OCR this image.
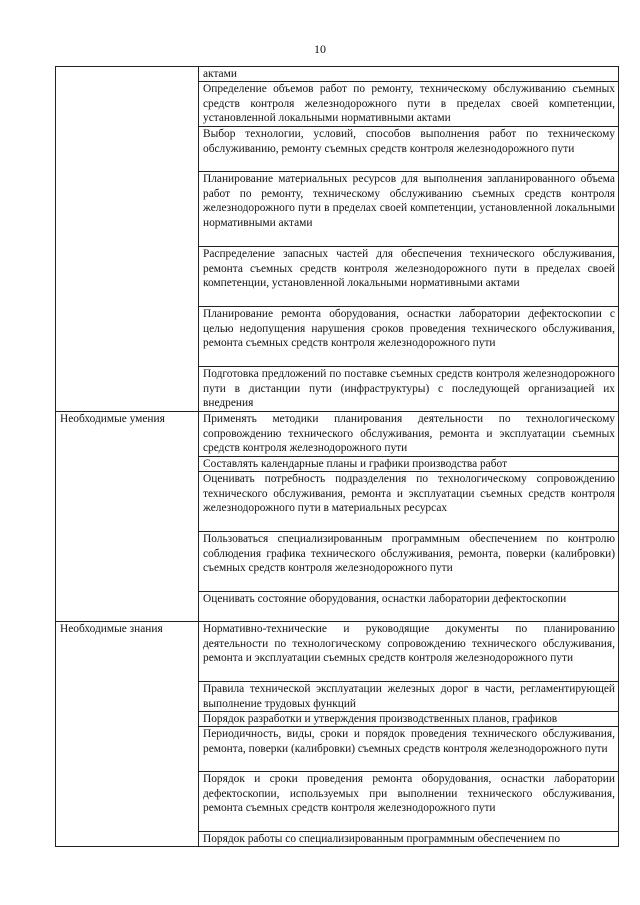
10

	актами

	Определение объемов работ по ремонту, техническому обслуживанию съемных средств контроля железнодорожного пути в пределах своей компетенции, установленной локальными нормативными актами

	Выбор технологии, условий, способов выполнения работ по техническому обслуживанию, ремонту съемных средств контроля железнодорожного пути

	Планирование материальных ресурсов для выполнения запланированного объема работ по ремонту, техническому обслуживанию съемных средств контроля железнодорожного пути в пределах своей компетенции, установленной локальными нормативными актами

	Распределение запасных частей для обеспечения технического обслуживания, ремонта съемных средств контроля железнодорожного пути в пределах своей компетенции, установленной локальными нормативными актами

	Планирование ремонта оборудования, оснастки лаборатории дефектоскопии с целью недопущения нарушения сроков проведения технического обслуживания, ремонта съемных средств контроля железнодорожного пути

	Подготовка предложений по поставке съемных средств контроля железнодорожного пути в дистанции пути (инфраструктуры) с последующей организацией их внедрения

Необходимые умения	Применять методики планирования деятельности по технологическому сопровождению технического обслуживания, ремонта и эксплуатации съемных средств контроля железнодорожного пути

	Составлять календарные планы и графики производства работ

	Оценивать потребность подразделения по технологическому сопровождению технического обслуживания, ремонта и эксплуатации съемных средств контроля железнодорожного пути в материальных ресурсах

	Пользоваться специализированным программным обеспечением по контролю соблюдения графика технического обслуживания, ремонта, поверки (калибровки) съемных средств контроля железнодорожного пути

	Оценивать состояние оборудования, оснастки лаборатории дефектоскопии

Необходимые знания	Нормативно-технические и руководящие документы по планированию деятельности по технологическому сопровождению технического обслуживания, ремонта и эксплуатации съемных средств контроля железнодорожного пути

	Правила технической эксплуатации железных дорог в части, регламентирующей выполнение трудовых функций

	Порядок разработки и утверждения производственных планов, графиков

	Периодичность, виды, сроки и порядок проведения технического обслуживания, ремонта, поверки (калибровки) съемных средств контроля железнодорожного пути

	Порядок и сроки проведения ремонта оборудования, оснастки лаборатории дефектоскопии, используемых при выполнении технического обслуживания, ремонта съемных средств контроля железнодорожного пути

	Порядок работы со специализированным программным обеспечением по
